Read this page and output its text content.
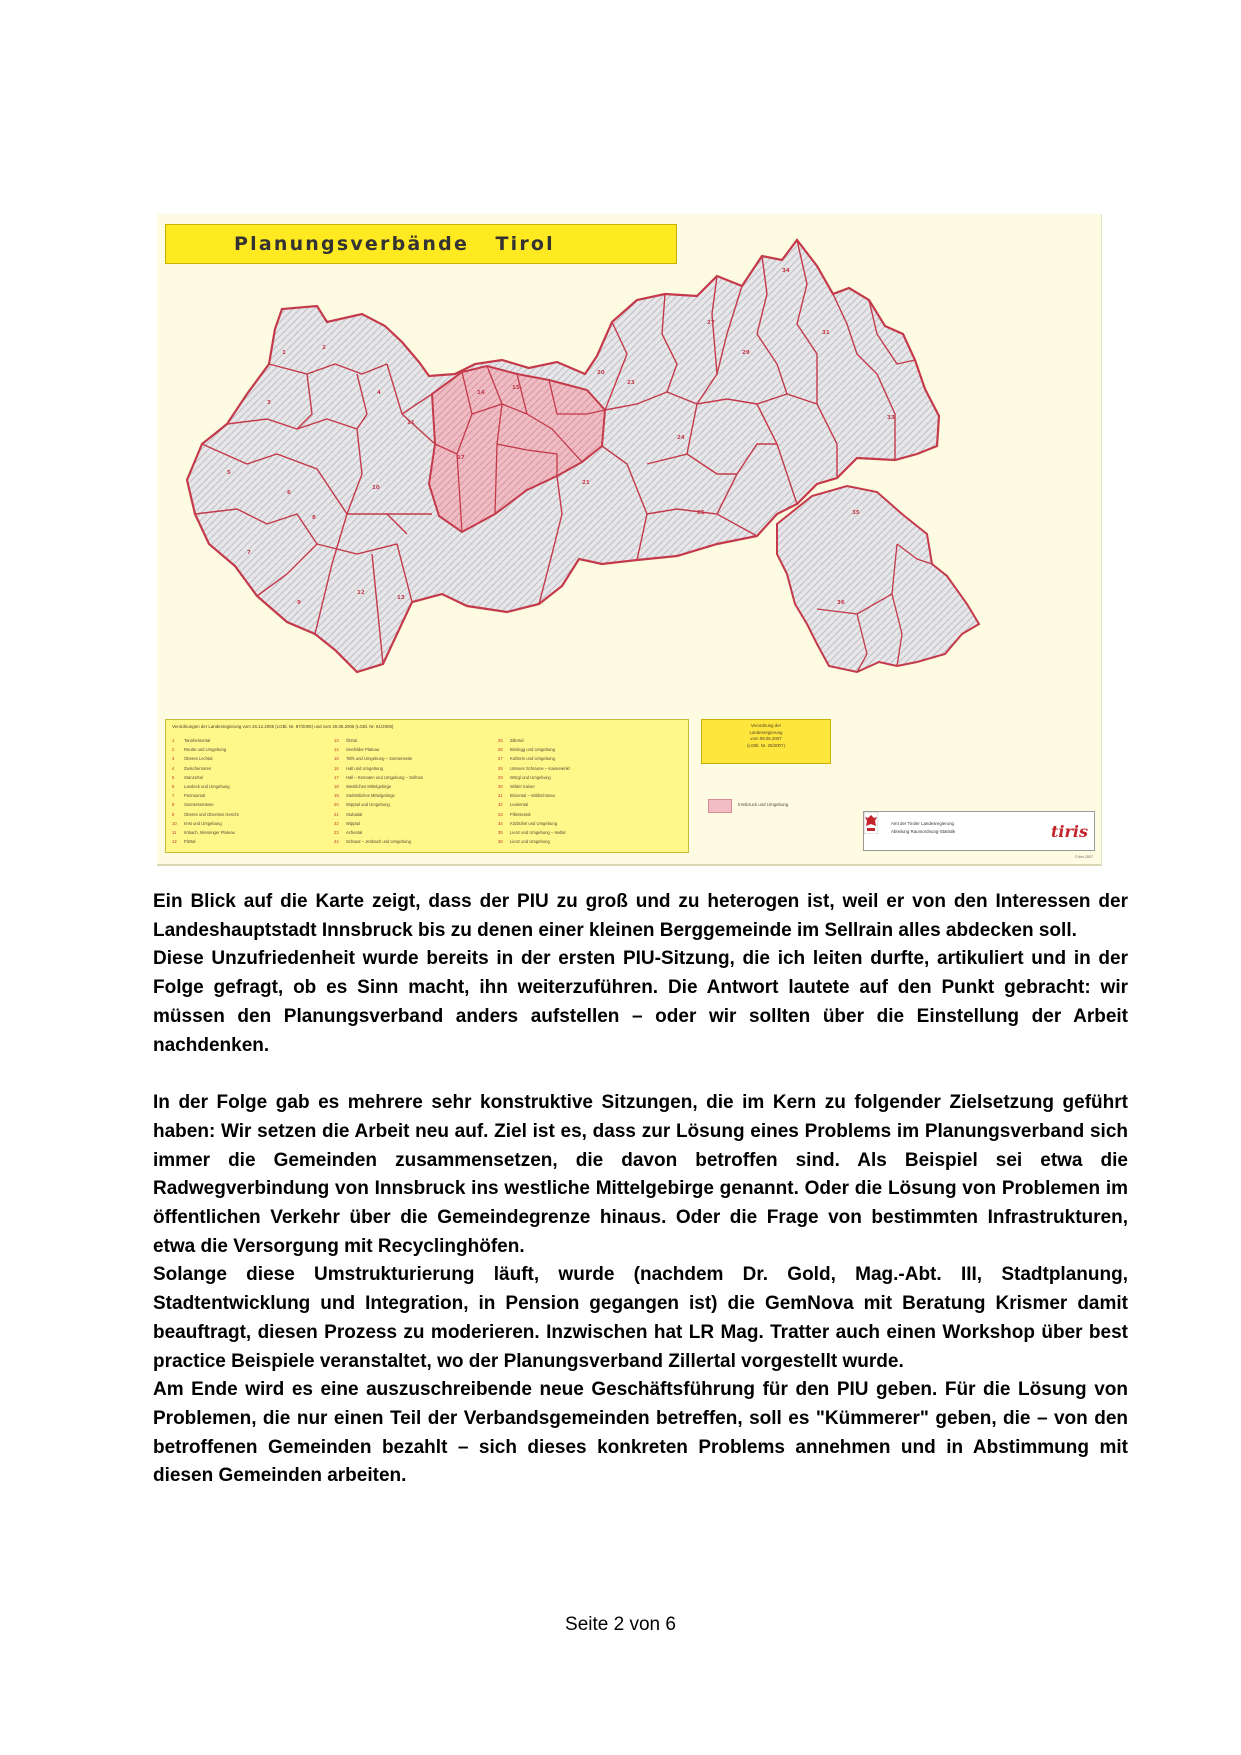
1
2
3
4
5
6
7
8
9
10
11
12
13
14
15
17
20
21
23
24
25
27
29
31
33
34
35
36
Planungsverbände   Tirol
Verordnungen der Landesregierung vom 26.12.2005 (LGBl. Nr. 87/2005) und vom 29.05.2006 (LGBl. Nr. 61/2006)
1 Tannheimertal
2 Reutte und Umgebung
3 Oberes Lechtal
4 Zwischentoren
5 Stanzertal
6 Landeck und Umgebung
7 Paznauntal
8 Sonnenterrasse
9 Oberes und Oberstes Gericht
10 Imst und Umgebung
11 Imbach, Mieminger Plateau
12 Pitztal
13 Ötztal
14 Seefelder Plateau
15 Telfs und Umgebung – Sonnenseite
16 Hall und Umgebung
17 Hall – Kematen und Umgebung – Sellrain
18 Westliches Mittelgebirge
19 Südöstliches Mittelgebirge
20 Wipptal und Umgebung
21 Stubaital
22 Wipptal
23 Achental
24 Schwaz – Jenbach und Umgebung
25 Zillertal
26 Brixlegg und Umgebung
27 Kufstein und Umgebung
28 Unteres Schranne – Kaiserwinkl
29 Wörgl und Umgebung
30 Wilder Kaiser
31 Brixental – Wildschönau
32 Leukental
33 Pillerseetal
34 Kitzbühel und Umgebung
35 Lienz und Umgebung – Iseltal
36 Lienz und Umgebung
Verordnung der
Landesregierung
vom 08.05.2007
(LGBl. Nr. 25/2007)
Innsbruck und Umgebung
Amt der Tiroler Landesregierung
Abteilung Raumordnung-Statistik	tiris
© tiris 2007

Ein Blick auf die Karte zeigt, dass der PIU zu groß und zu heterogen ist, weil er von den Interessen der Landeshauptstadt Innsbruck bis zu denen einer kleinen Berggemeinde im Sellrain alles abdecken soll.

Diese Unzufriedenheit wurde bereits in der ersten PIU-Sitzung, die ich leiten durfte, artikuliert und in der Folge gefragt, ob es Sinn macht, ihn weiterzuführen. Die Antwort lautete auf den Punkt gebracht: wir müssen den Planungsverband anders aufstellen – oder wir sollten über die Einstellung der Arbeit nachdenken.

In der Folge gab es mehrere sehr konstruktive Sitzungen, die im Kern zu folgender Zielsetzung geführt haben: Wir setzen die Arbeit neu auf. Ziel ist es, dass zur Lösung eines Problems im Planungsverband sich immer die Gemeinden zusammensetzen, die davon betroffen sind. Als Beispiel sei etwa die Radwegverbindung von Innsbruck ins westliche Mittelgebirge genannt. Oder die Lösung von Problemen im öffentlichen Verkehr über die Gemeindegrenze hinaus. Oder die Frage von bestimmten Infrastrukturen, etwa die Versorgung mit Recyclinghöfen.

Solange diese Umstrukturierung läuft, wurde (nachdem Dr. Gold, Mag.-Abt. III, Stadtplanung, Stadtentwicklung und Integration, in Pension gegangen ist) die GemNova mit Beratung Krismer damit beauftragt, diesen Prozess zu moderieren. Inzwischen hat LR Mag. Tratter auch einen Workshop über best practice Beispiele veranstaltet, wo der Planungsverband Zillertal vorgestellt wurde.

Am Ende wird es eine auszuschreibende neue Geschäftsführung für den PIU geben. Für die Lösung von Problemen, die nur einen Teil der Verbandsgemeinden betreffen, soll es "Kümmerer" geben, die – von den betroffenen Gemeinden bezahlt – sich dieses konkreten Problems annehmen und in Abstimmung mit diesen Gemeinden arbeiten.

Seite 2 von 6
